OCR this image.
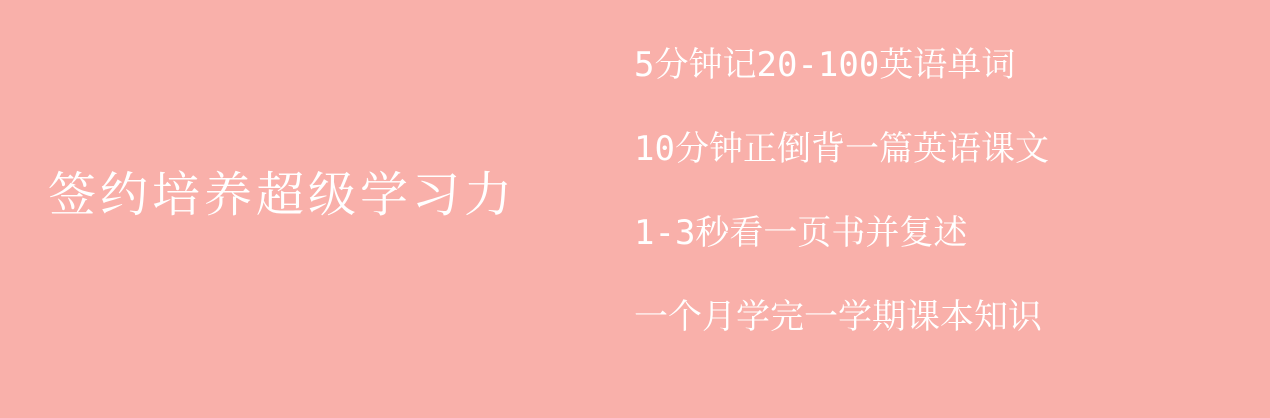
签约培养超级学习力
5分钟记20-100英语单词
10分钟正倒背一篇英语课文
1-3秒看一页书并复述
一个月学完一学期课本知识
